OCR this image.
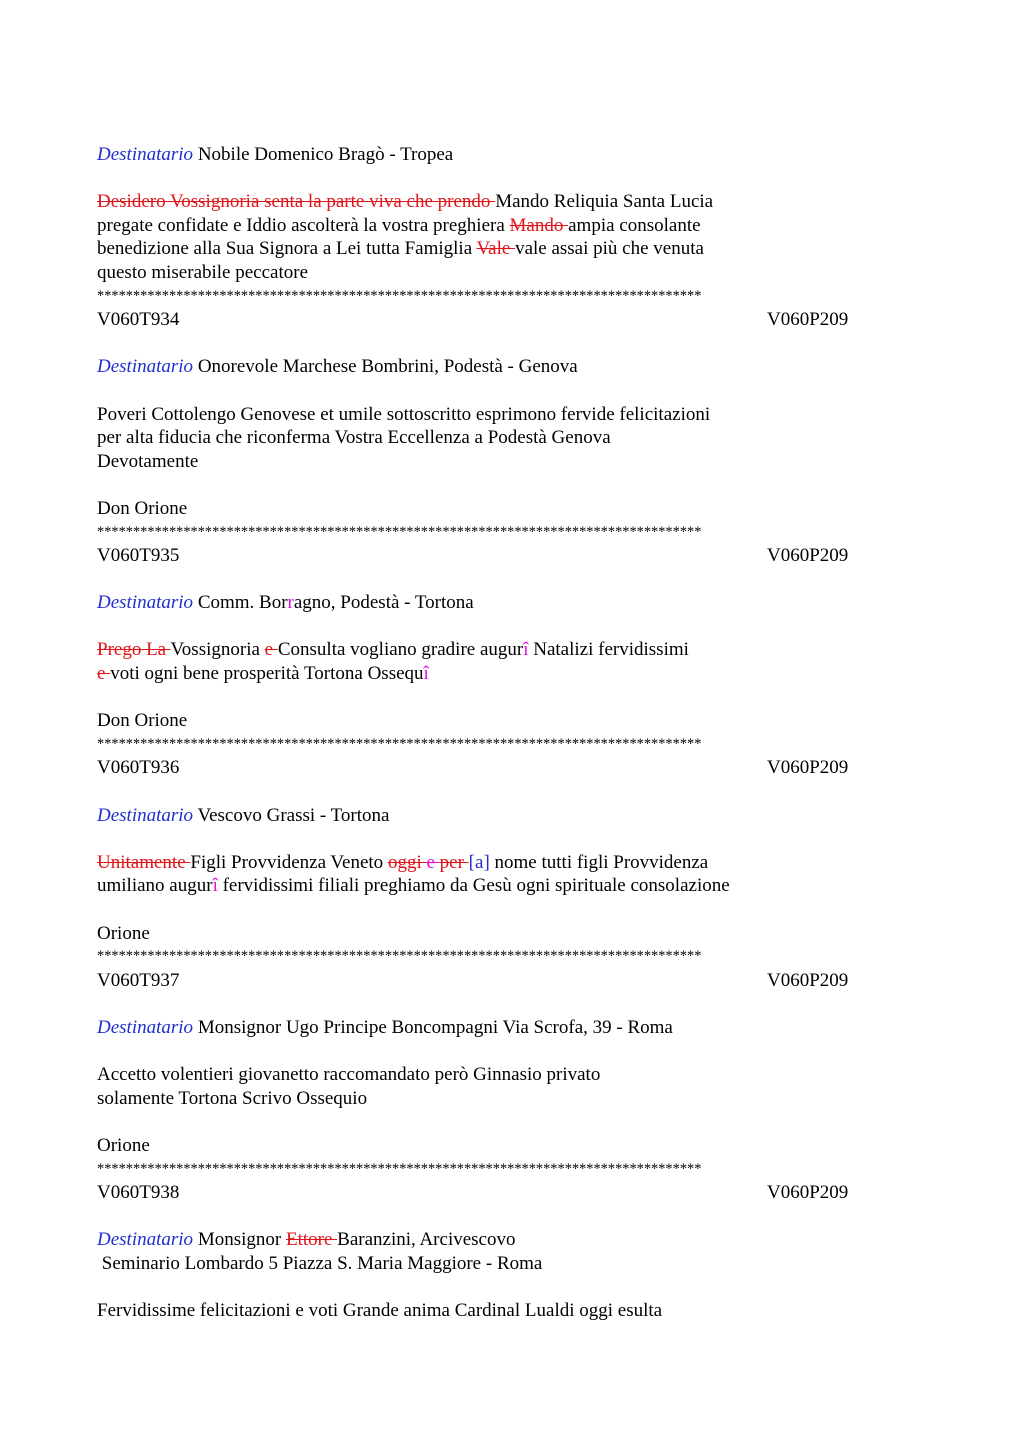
Destinatario Nobile Domenico Bragò - Tropea
Desidero Vossignoria senta la parte viva che prendo Mando Reliquia Santa Lucia
pregate confidate e Iddio ascolterà la vostra preghiera Mando ampia consolante
benedizione alla Sua Signora a Lei tutta Famiglia Vale vale assai più che venuta
questo miserabile peccatore
************************************************************************************
V060T934	V060P209
Destinatario Onorevole Marchese Bombrini, Podestà - Genova
Poveri Cottolengo Genovese et umile sottoscritto esprimono fervide felicitazioni
per alta fiducia che riconferma Vostra Eccellenza a Podestà Genova
Devotamente
Don Orione
************************************************************************************
V060T935	V060P209
Destinatario Comm. Borragno, Podestà - Tortona
Prego La Vossignoria e Consulta vogliano gradire augurî Natalizi fervidissimi
e voti ogni bene prosperità Tortona Ossequî
Don Orione
************************************************************************************
V060T936	V060P209
Destinatario Vescovo Grassi - Tortona
Unitamente Figli Provvidenza Veneto oggi e per [a] nome tutti figli Provvidenza
umiliano augurî fervidissimi filiali preghiamo da Gesù ogni spirituale consolazione
Orione
************************************************************************************
V060T937	V060P209
Destinatario Monsignor Ugo Principe Boncompagni Via Scrofa, 39 - Roma
Accetto volentieri giovanetto raccomandato però Ginnasio privato
solamente Tortona Scrivo Ossequio
Orione
************************************************************************************
V060T938	V060P209
Destinatario Monsignor Ettore Baranzini, Arcivescovo
Seminario Lombardo 5 Piazza S. Maria Maggiore - Roma
Fervidissime felicitazioni e voti Grande anima Cardinal Lualdi oggi esulta
